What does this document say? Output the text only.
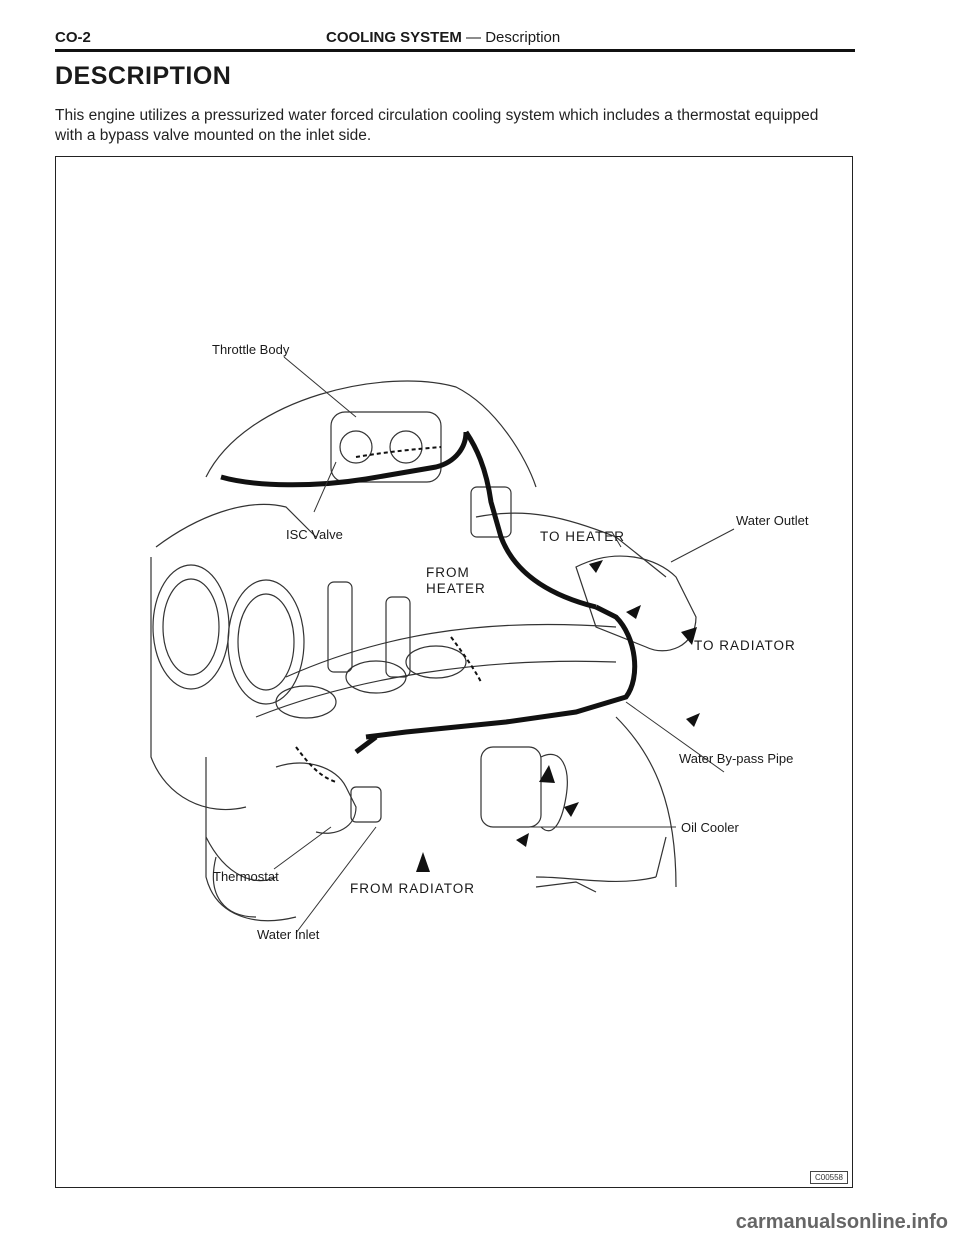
CO-2	COOLING SYSTEM — Description
DESCRIPTION
This engine utilizes a pressurized water forced circulation cooling system which includes a thermostat equipped with a bypass valve mounted on the inlet side.
Throttle Body
ISC Valve	TO HEATER
Water Outlet
FROM
HEATER
TO RADIATOR
Water By-pass Pipe
Oil Cooler
Thermostat
FROM RADIATOR
Water Inlet
C00558
carmanualsonline.info
